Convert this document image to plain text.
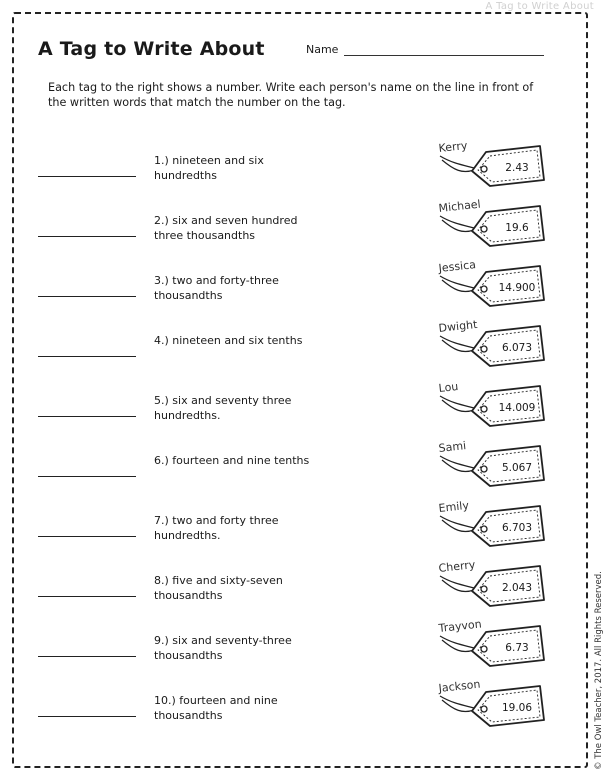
A Tag to Write About
A Tag to Write About	Name
Each tag to the right shows a number. Write each person's name on the line in front of the written words that match the number on the tag.
1.) nineteen and six hundredths
Kerry
2.43
2.) six and seven hundred three thousandths
Michael
19.6
3.) two and forty-three thousandths
Jessica
14.900
4.) nineteen and six tenths
Dwight
6.073
5.) six and seventy three hundredths.
Lou
14.009
6.) fourteen and nine tenths
Sami
5.067
7.) two and forty three hundredths.
Emily
6.703
8.) five and sixty-seven thousandths
Cherry
2.043
9.) six and seventy-three thousandths
Trayvon
6.73
10.) fourteen and nine thousandths
Jackson
19.06	© The Owl Teacher, 2017. All Rights Reserved.
